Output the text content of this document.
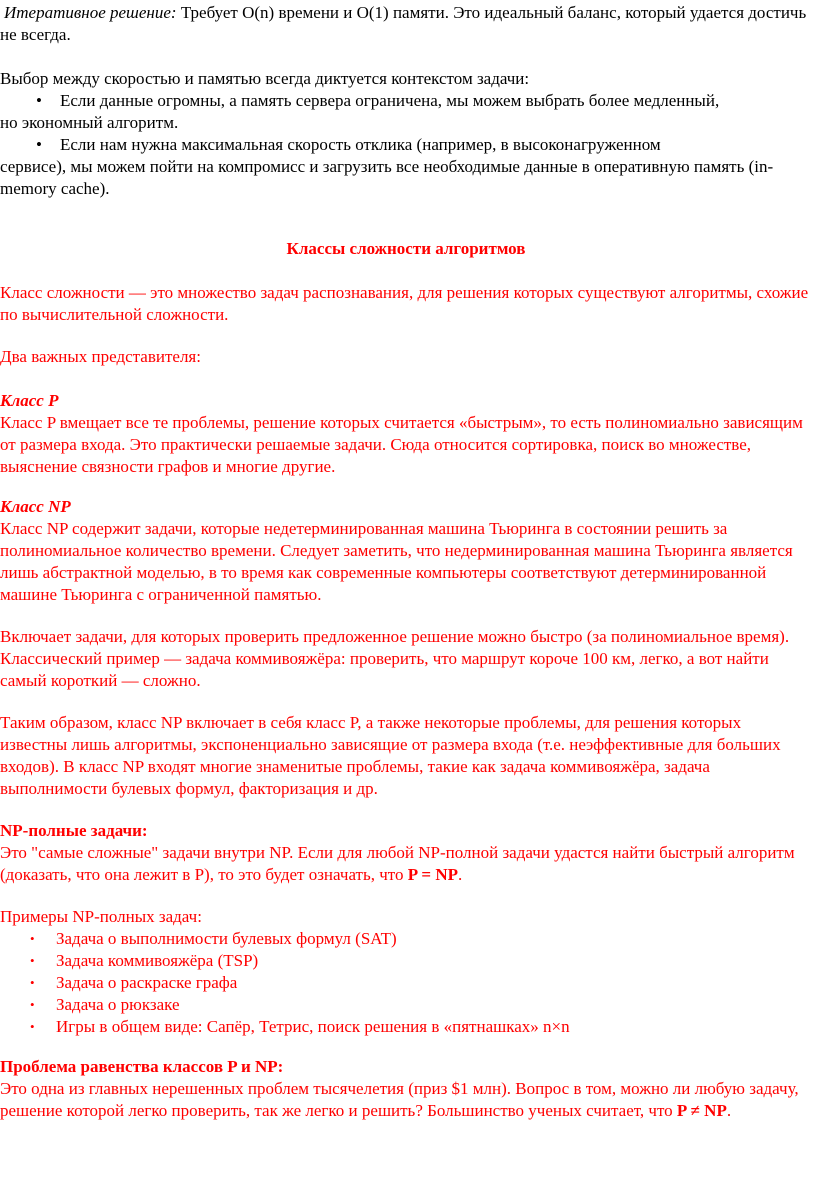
Итеративное решение: Требует O(n) времени и O(1) памяти. Это идеальный баланс, который удается достичь не всегда.

Выбор между скоростью и памятью всегда диктуется контекстом задачи:

• Если данные огромны, а память сервера ограничена, мы можем выбрать более медленный,
но экономный алгоритм.

• Если нам нужна максимальная скорость отклика (например, в высоконагруженном
сервисе), мы можем пойти на компромисс и загрузить все необходимые данные в оперативную память (in-memory cache).

Классы сложности алгоритмов

Класс сложности — это множество задач распознавания, для решения которых существуют алгоритмы, схожие по вычислительной сложности.

Два важных представителя:

Класс P

Класс P вмещает все те проблемы, решение которых считается «быстрым», то есть полиномиально зависящим от размера входа. Это практически решаемые задачи. Сюда относится сортировка, поиск во множестве, выяснение связности графов и многие другие.

Класс NP

Класс NP содержит задачи, которые недетерминированная машина Тьюринга в состоянии решить за полиномиальное количество времени. Следует заметить, что недерминированная машина Тьюринга является лишь абстрактной моделью, в то время как современные компьютеры соответствуют детерминированной машине Тьюринга с ограниченной памятью.

Включает задачи, для которых проверить предложенное решение можно быстро (за полиномиальное время). Классический пример — задача коммивояжёра: проверить, что маршрут короче 100 км, легко, а вот найти самый короткий — сложно.

Таким образом, класс NP включает в себя класс P, а также некоторые проблемы, для решения которых известны лишь алгоритмы, экспоненциально зависящие от размера входа (т.е. неэффективные для больших входов). В класс NP входят многие знаменитые проблемы, такие как задача коммивояжёра, задача выполнимости булевых формул, факторизация и др.

NP-полные задачи:

Это "самые сложные" задачи внутри NP. Если для любой NP-полной задачи удастся найти быстрый алгоритм (доказать, что она лежит в P), то это будет означать, что P = NP.

Примеры NP-полных задач:

• Задача о выполнимости булевых формул (SAT)
• Задача коммивояжёра (TSP)
• Задача о раскраске графа
• Задача о рюкзаке
• Игры в общем виде: Сапёр, Тетрис, поиск решения в «пятнашках» n×n

Проблема равенства классов P и NP:

Это одна из главных нерешенных проблем тысячелетия (приз $1 млн). Вопрос в том, можно ли любую задачу, решение которой легко проверить, так же легко и решить? Большинство ученых считает, что P ≠ NP.
